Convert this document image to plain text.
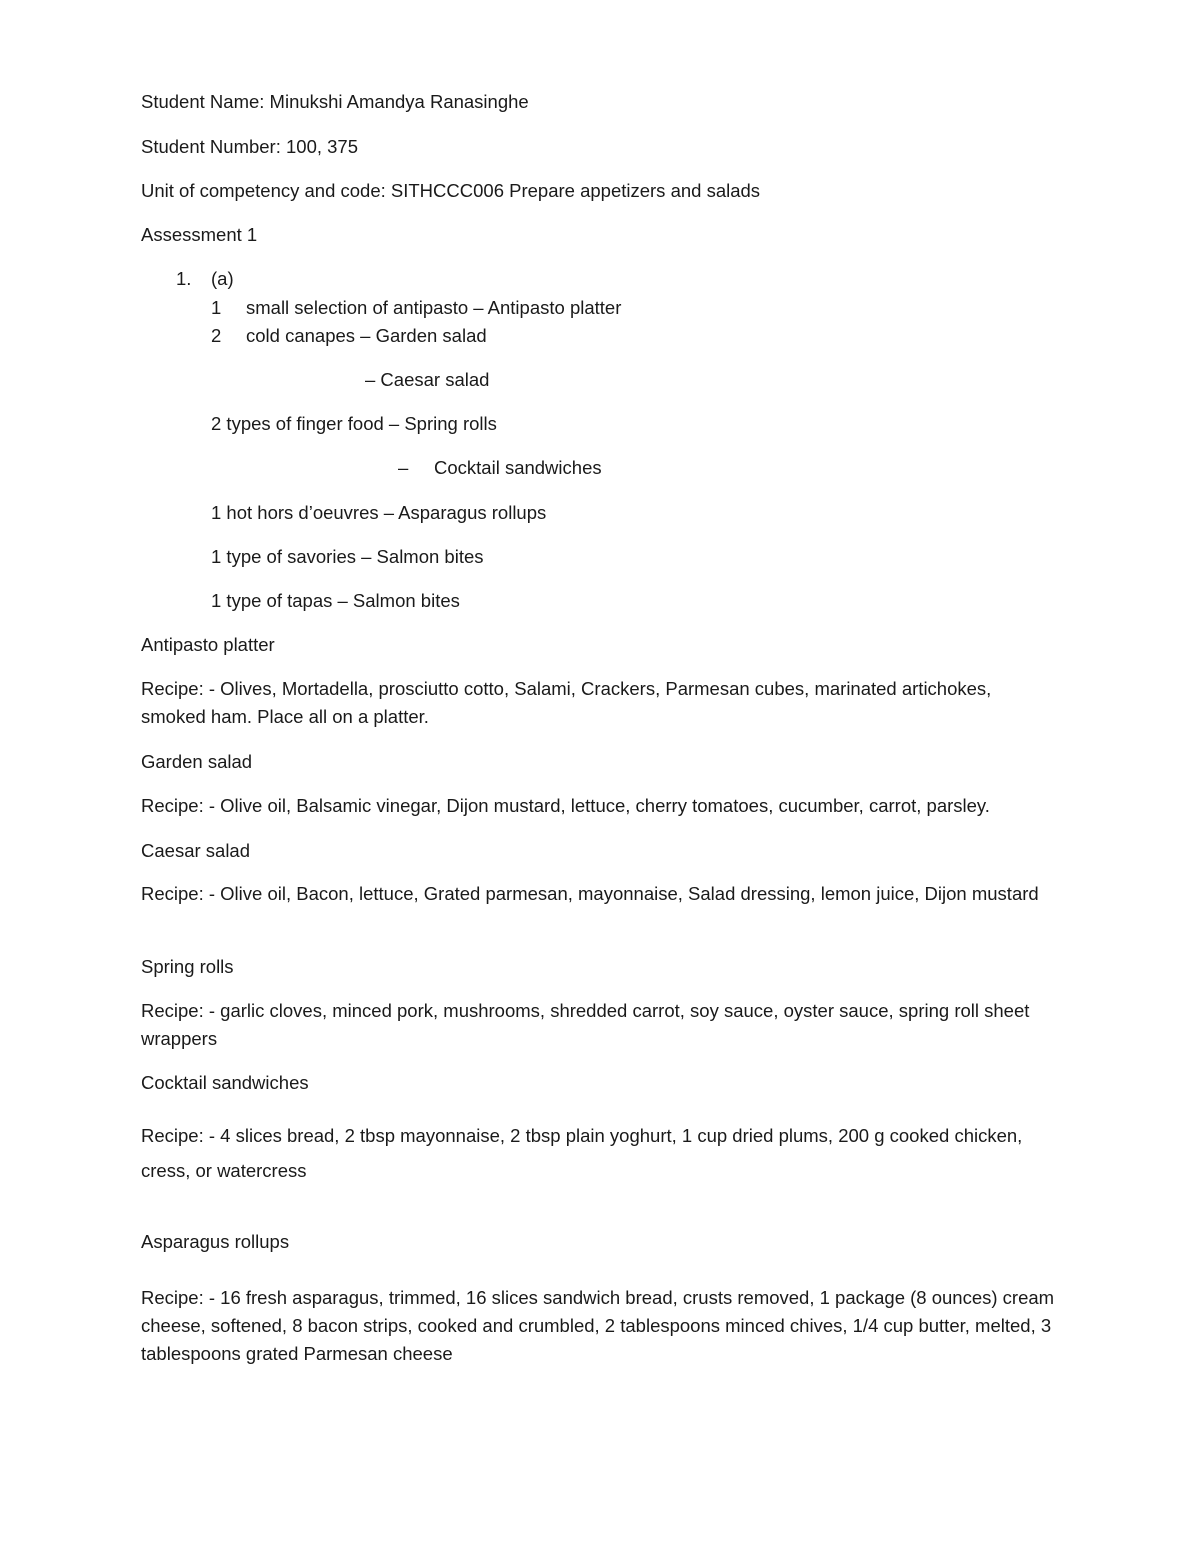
Student Name: Minukshi Amandya Ranasinghe

Student Number: 100, 375

Unit of competency and code: SITHCCC006 Prepare appetizers and salads

Assessment 1

1. (a)

1 small selection of antipasto – Antipasto platter

2 cold canapes – Garden salad

– Caesar salad

2 types of finger food – Spring rolls

– Cocktail sandwiches

1 hot hors d’oeuvres – Asparagus rollups

1 type of savories – Salmon bites

1 type of tapas – Salmon bites

Antipasto platter

Recipe: - Olives, Mortadella, prosciutto cotto, Salami, Crackers, Parmesan cubes, marinated artichokes, smoked ham. Place all on a platter.

Garden salad

Recipe: - Olive oil, Balsamic vinegar, Dijon mustard, lettuce, cherry tomatoes, cucumber, carrot, parsley.

Caesar salad

Recipe: - Olive oil, Bacon, lettuce, Grated parmesan, mayonnaise, Salad dressing, lemon juice, Dijon mustard

Spring rolls

Recipe: - garlic cloves, minced pork, mushrooms, shredded carrot, soy sauce, oyster sauce, spring roll sheet wrappers

Cocktail sandwiches

Recipe: - 4 slices bread, 2 tbsp mayonnaise, 2 tbsp plain yoghurt, 1 cup dried plums, 200 g cooked chicken, cress, or watercress

Asparagus rollups

Recipe: - 16 fresh asparagus, trimmed, 16 slices sandwich bread, crusts removed, 1 package (8 ounces) cream cheese, softened, 8 bacon strips, cooked and crumbled, 2 tablespoons minced chives, 1/4 cup butter, melted, 3 tablespoons grated Parmesan cheese
